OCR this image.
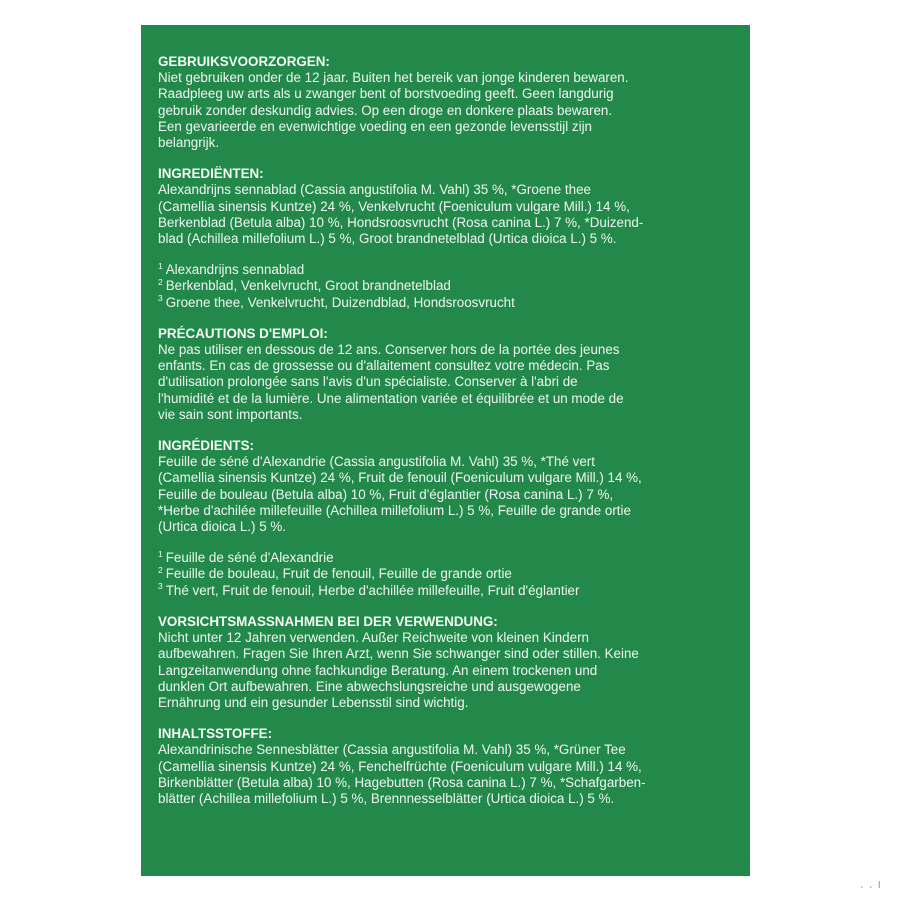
GEBRUIKSVOORZORGEN:

Niet gebruiken onder de 12 jaar. Buiten het bereik van jonge kinderen bewaren.
Raadpleeg uw arts als u zwanger bent of borstvoeding geeft. Geen langdurig
gebruik zonder deskundig advies. Op een droge en donkere plaats bewaren.
Een gevarieerde en evenwichtige voeding en een gezonde levensstijl zijn
belangrijk.

INGREDIËNTEN:

Alexandrijns sennablad (Cassia angustifolia M. Vahl) 35 %, *Groene thee
(Camellia sinensis Kuntze) 24 %, Venkelvrucht (Foeniculum vulgare Mill.) 14 %,
Berkenblad (Betula alba) 10 %, Hondsroosvrucht (Rosa canina L.) 7 %, *Duizend-
blad (Achillea millefolium L.) 5 %, Groot brandnetelblad (Urtica dioica L.) 5 %.

$^1$ Alexandrijns sennablad
$^2$ Berkenblad, Venkelvrucht, Groot brandnetelblad
$^3$ Groene thee, Venkelvrucht, Duizendblad, Hondsroosvrucht
PRÉCAUTIONS D'EMPLOI:

Ne pas utiliser en dessous de 12 ans. Conserver hors de la portée des jeunes
enfants. En cas de grossesse ou d'allaitement consultez votre médecin. Pas
d'utilisation prolongée sans l'avis d'un spécialiste. Conserver à l'abri de
l'humidité et de la lumière. Une alimentation variée et équilibrée et un mode de
vie sain sont importants.

INGRÉDIENTS:

Feuille de séné d'Alexandrie (Cassia angustifolia M. Vahl) 35 %, *Thé vert
(Camellia sinensis Kuntze) 24 %, Fruit de fenouil (Foeniculum vulgare Mill.) 14 %,
Feuille de bouleau (Betula alba) 10 %, Fruit d'églantier (Rosa canina L.) 7 %,
*Herbe d'achilée millefeuille (Achillea millefolium L.) 5 %, Feuille de grande ortie
(Urtica dioica L.) 5 %.

$^1$ Feuille de séné d'Alexandrie
$^2$ Feuille de bouleau, Fruit de fenouil, Feuille de grande ortie
$^3$ Thé vert, Fruit de fenouil, Herbe d'achillée millefeuille, Fruit d'églantier
VORSICHTSMASSNAHMEN BEI DER VERWENDUNG:

Nicht unter 12 Jahren verwenden. Außer Reichweite von kleinen Kindern
aufbewahren. Fragen Sie Ihren Arzt, wenn Sie schwanger sind oder stillen. Keine
Langzeitanwendung ohne fachkundige Beratung. An einem trockenen und
dunklen Ort aufbewahren. Eine abwechslungsreiche und ausgewogene
Ernährung und ein gesunder Lebensstil sind wichtig.

INHALTSSTOFFE:

Alexandrinische Sennesblätter (Cassia angustifolia M. Vahl) 35 %, *Grüner Tee
(Camellia sinensis Kuntze) 24 %, Fenchelfrüchte (Foeniculum vulgare Mill.) 14 %,
Birkenblätter (Betula alba) 10 %, Hagebutten (Rosa canina L.) 7 %, *Schafgarben-
blätter (Achillea millefolium L.) 5 %, Brennnesselblätter (Urtica dioica L.) 5 %.

..ı
